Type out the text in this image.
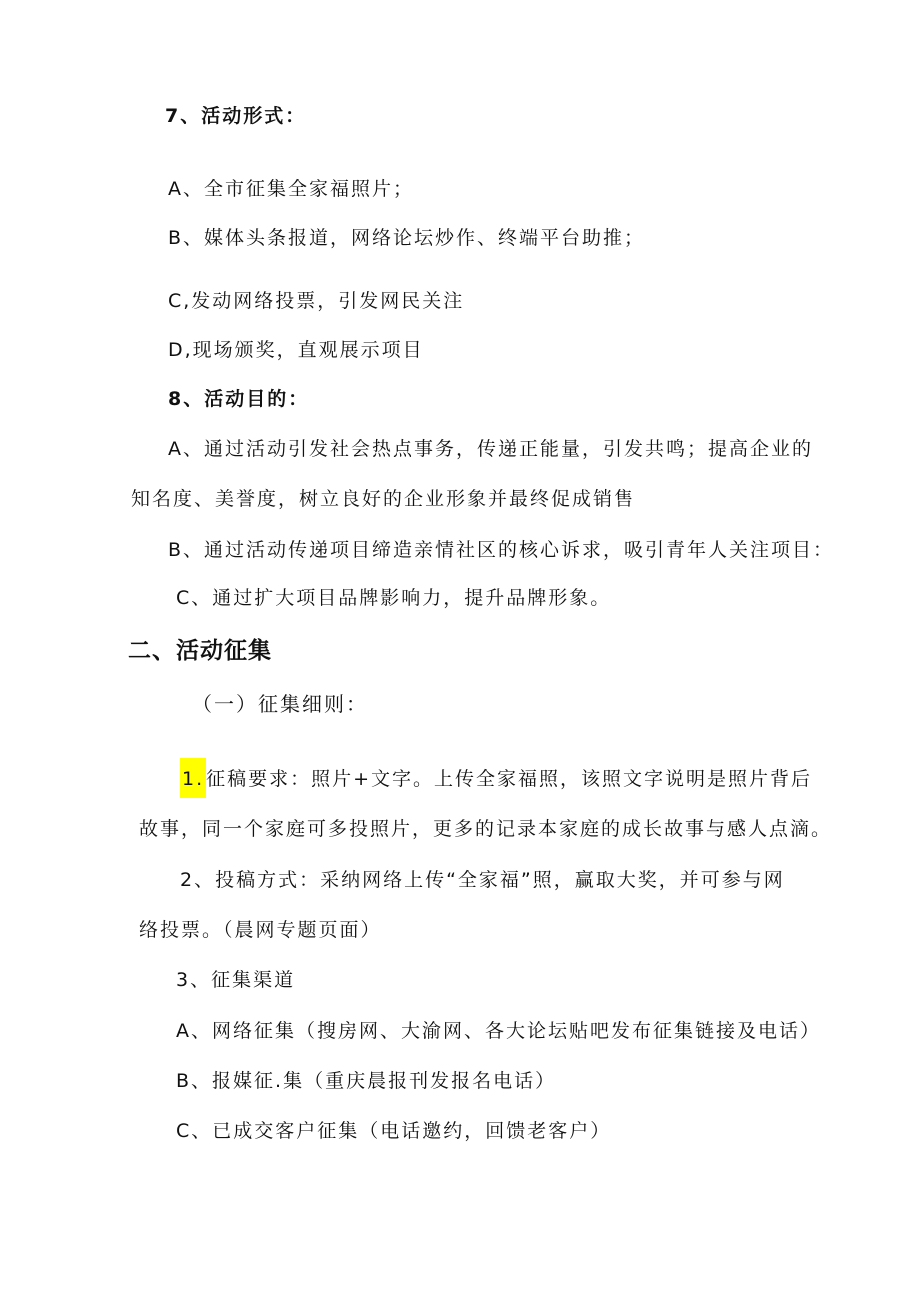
7、活动形式：
A、全市征集全家福照片；
B、媒体头条报道，网络论坛炒作、终端平台助推；
C,发动网络投票，引发网民关注
D,现场颁奖，直观展示项目
8、活动目的：
A、通过活动引发社会热点事务，传递正能量，引发共鸣；提高企业的
知名度、美誉度，树立良好的企业形象并最终促成销售
B、通过活动传递项目缔造亲情社区的核心诉求，吸引青年人关注项目：
C、通过扩大项目品牌影响力，提升品牌形象。
二、活动征集
（一）征集细则：
1. 征稿要求：照片+文字。上传全家福照，该照文字说明是照片背后
故事，同一个家庭可多投照片，更多的记录本家庭的成长故事与感人点滴。
2、投稿方式：采纳网络上传“全家福”照，赢取大奖，并可参与网
络投票。（晨网专题页面）
3、征集渠道
A、网络征集（搜房网、大渝网、各大论坛贴吧发布征集链接及电话）
B、报媒征.集（重庆晨报刊发报名电话）
C、已成交客户征集（电话邀约，回馈老客户）
